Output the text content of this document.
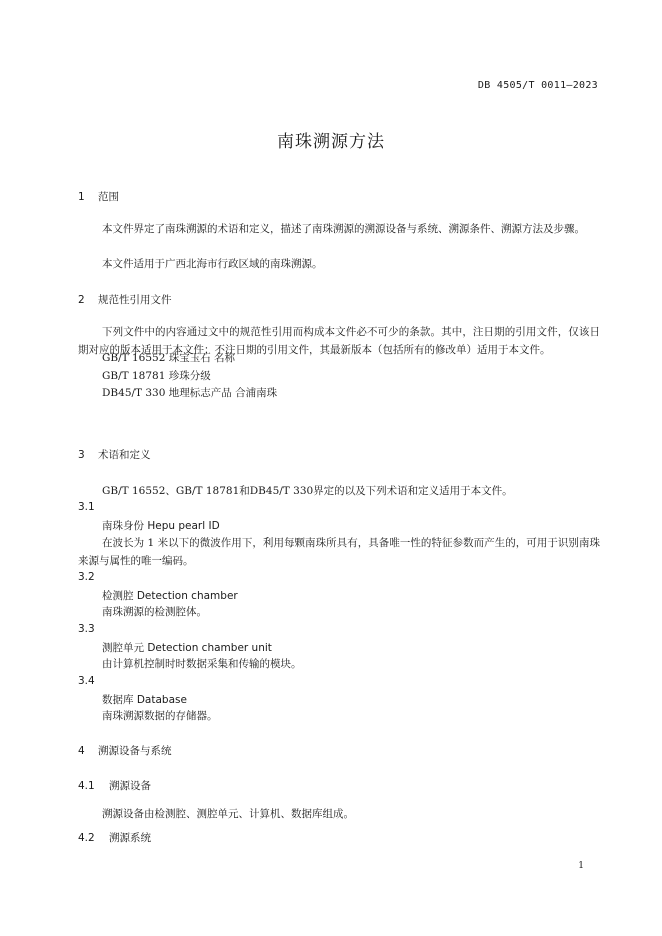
DB 4505/T 0011—2023
南珠溯源方法
1 范围
本文件界定了南珠溯源的术语和定义，描述了南珠溯源的溯源设备与系统、溯源条件、溯源方法及步骤。
本文件适用于广西北海市行政区域的南珠溯源。
2 规范性引用文件
下列文件中的内容通过文中的规范性引用而构成本文件必不可少的条款。其中，注日期的引用文件，仅该日期对应的版本适用于本文件；不注日期的引用文件，其最新版本（包括所有的修改单）适用于本文件。
GB/T 16552 珠宝玉石 名称
GB/T 18781 珍珠分级
DB45/T 330 地理标志产品 合浦南珠
3 术语和定义
GB/T 16552、GB/T 18781和DB45/T 330界定的以及下列术语和定义适用于本文件。
3.1
南珠身份 Hepu pearl ID
在波长为 1 米以下的微波作用下，利用每颗南珠所具有，具备唯一性的特征参数而产生的，可用于识别南珠来源与属性的唯一编码。
3.2
检测腔 Detection chamber
南珠溯源的检测腔体。
3.3
测腔单元 Detection chamber unit
由计算机控制时时数据采集和传输的模块。
3.4
数据库 Database
南珠溯源数据的存储器。
4 溯源设备与系统
4.1 溯源设备
溯源设备由检测腔、测腔单元、计算机、数据库组成。
4.2 溯源系统
1
